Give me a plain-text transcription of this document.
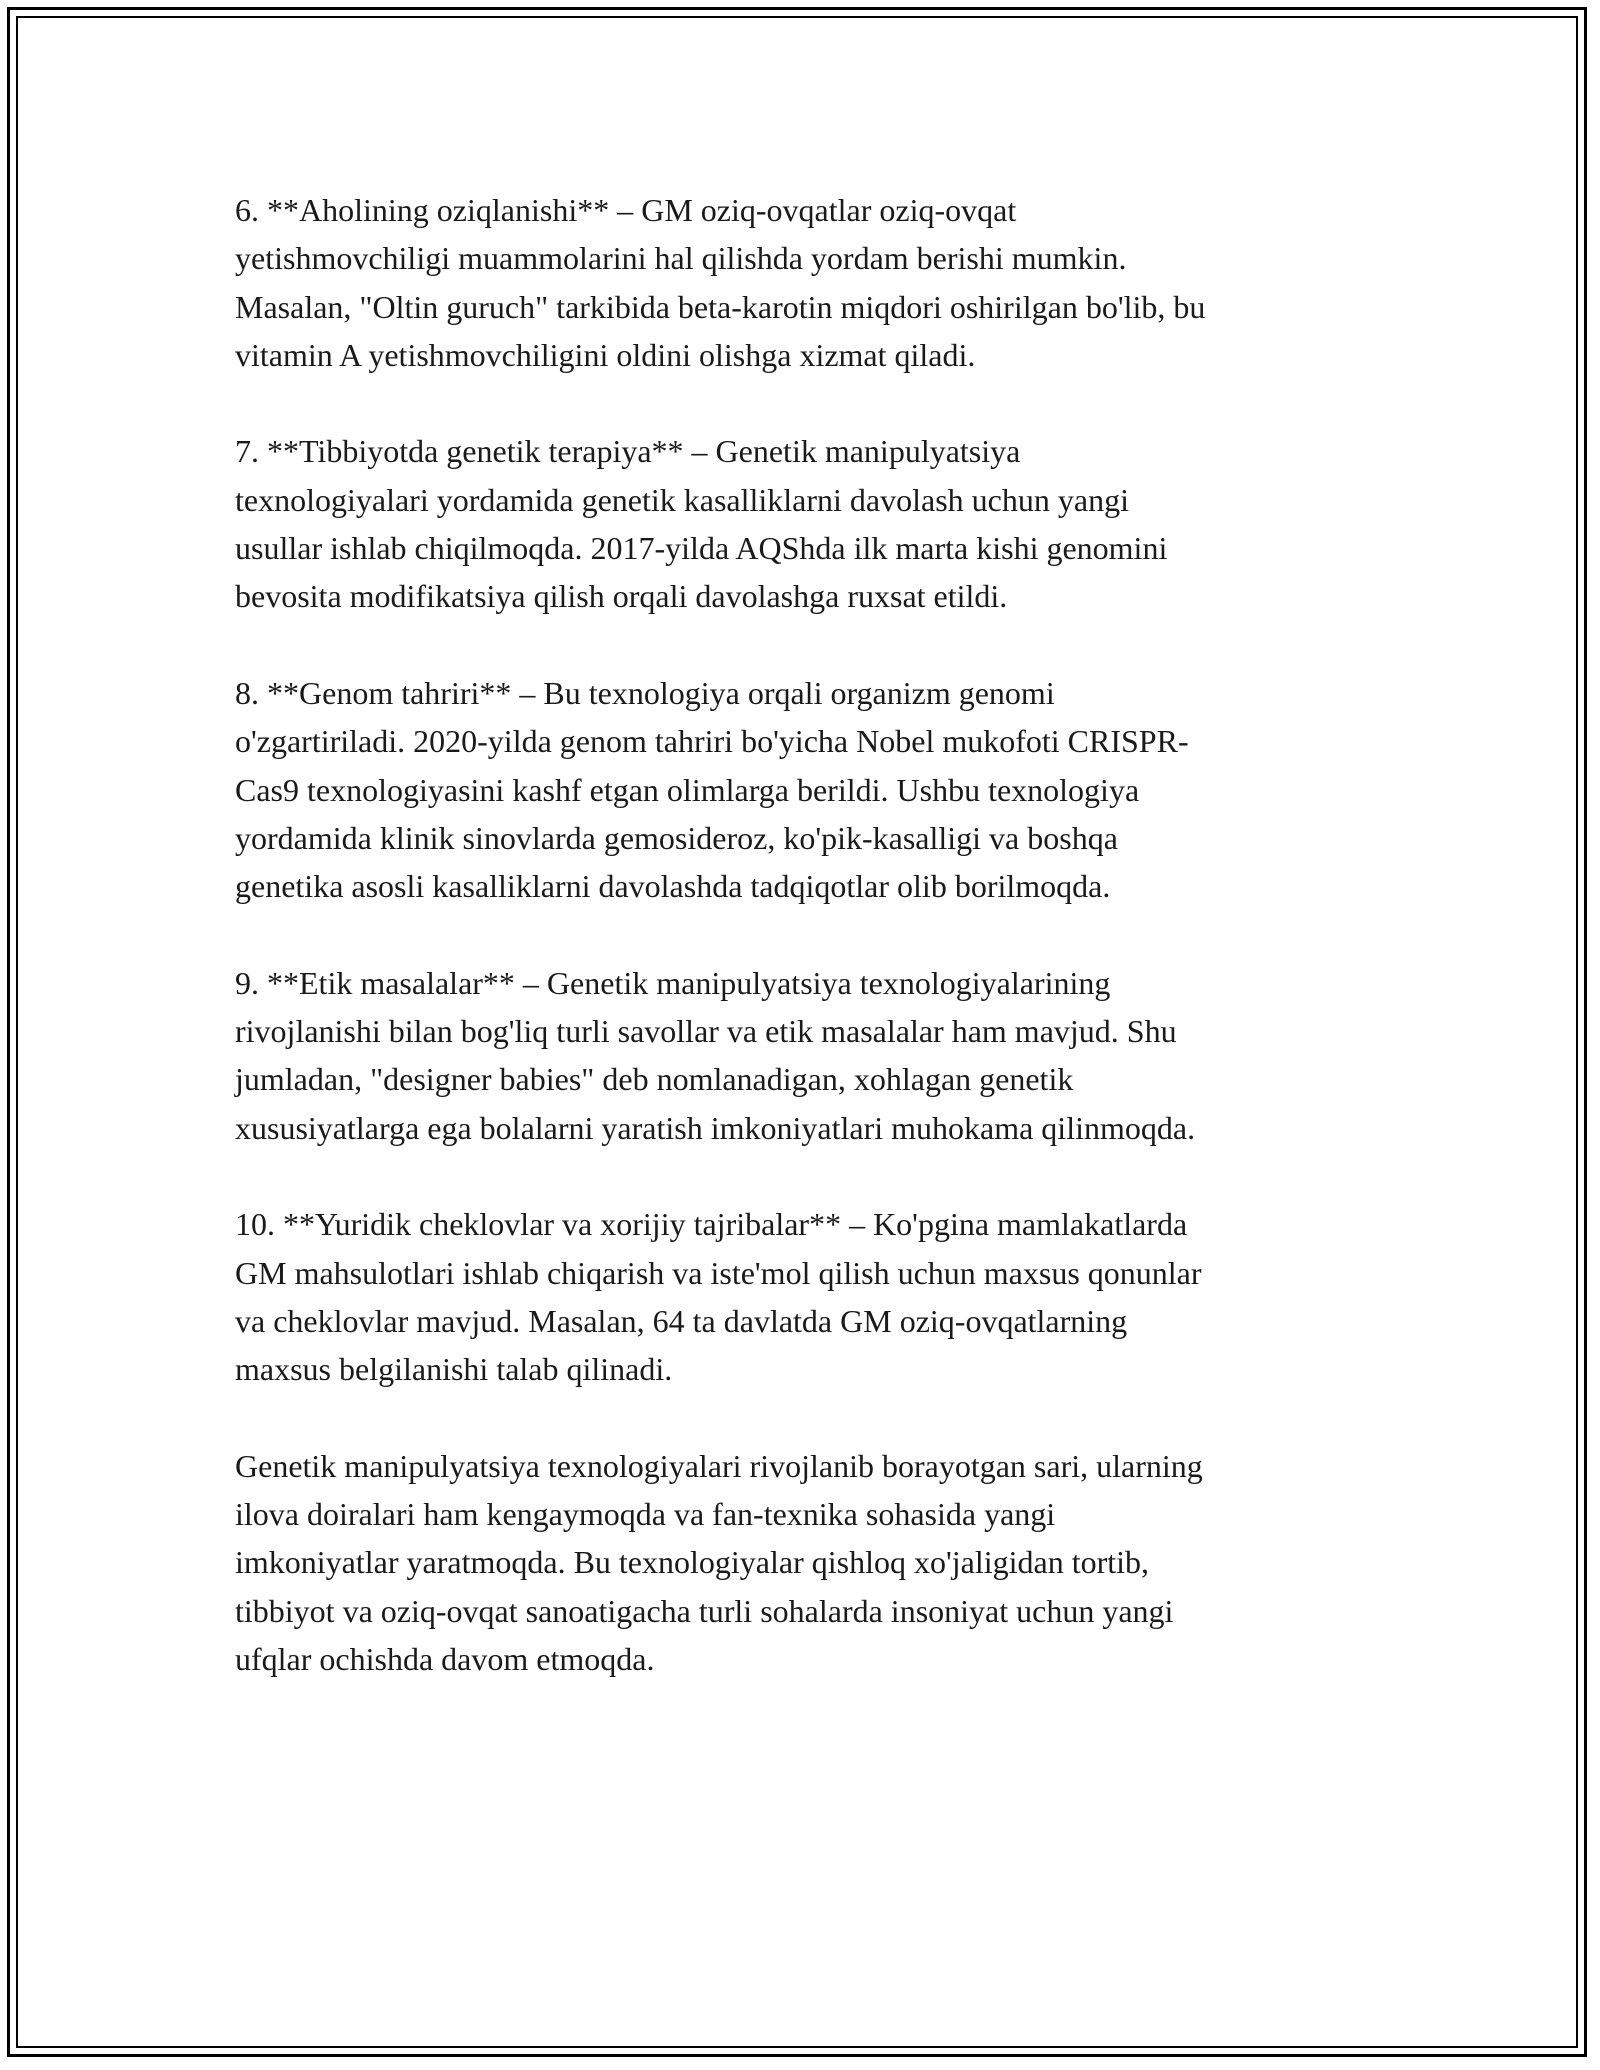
6. **Aholining oziqlanishi** – GM oziq-ovqatlar oziq-ovqat
yetishmovchiligi muammolarini hal qilishda yordam berishi mumkin.
Masalan, "Oltin guruch" tarkibida beta-karotin miqdori oshirilgan bo'lib, bu
vitamin A yetishmovchiligini oldini olishga xizmat qiladi.

7. **Tibbiyotda genetik terapiya** – Genetik manipulyatsiya
texnologiyalari yordamida genetik kasalliklarni davolash uchun yangi
usullar ishlab chiqilmoqda. 2017-yilda AQShda ilk marta kishi genomini
bevosita modifikatsiya qilish orqali davolashga ruxsat etildi.

8. **Genom tahriri** – Bu texnologiya orqali organizm genomi
o'zgartiriladi. 2020-yilda genom tahriri bo'yicha Nobel mukofoti CRISPR-
Cas9 texnologiyasini kashf etgan olimlarga berildi. Ushbu texnologiya
yordamida klinik sinovlarda gemosideroz, ko'pik-kasalligi va boshqa
genetika asosli kasalliklarni davolashda tadqiqotlar olib borilmoqda.

9. **Etik masalalar** – Genetik manipulyatsiya texnologiyalarining
rivojlanishi bilan bog'liq turli savollar va etik masalalar ham mavjud. Shu
jumladan, "designer babies" deb nomlanadigan, xohlagan genetik
xususiyatlarga ega bolalarni yaratish imkoniyatlari muhokama qilinmoqda.

10. **Yuridik cheklovlar va xorijiy tajribalar** – Ko'pgina mamlakatlarda
GM mahsulotlari ishlab chiqarish va iste'mol qilish uchun maxsus qonunlar
va cheklovlar mavjud. Masalan, 64 ta davlatda GM oziq-ovqatlarning
maxsus belgilanishi talab qilinadi.

Genetik manipulyatsiya texnologiyalari rivojlanib borayotgan sari, ularning
ilova doiralari ham kengaymoqda va fan-texnika sohasida yangi
imkoniyatlar yaratmoqda. Bu texnologiyalar qishloq xo'jaligidan tortib,
tibbiyot va oziq-ovqat sanoatigacha turli sohalarda insoniyat uchun yangi
ufqlar ochishda davom etmoqda.
